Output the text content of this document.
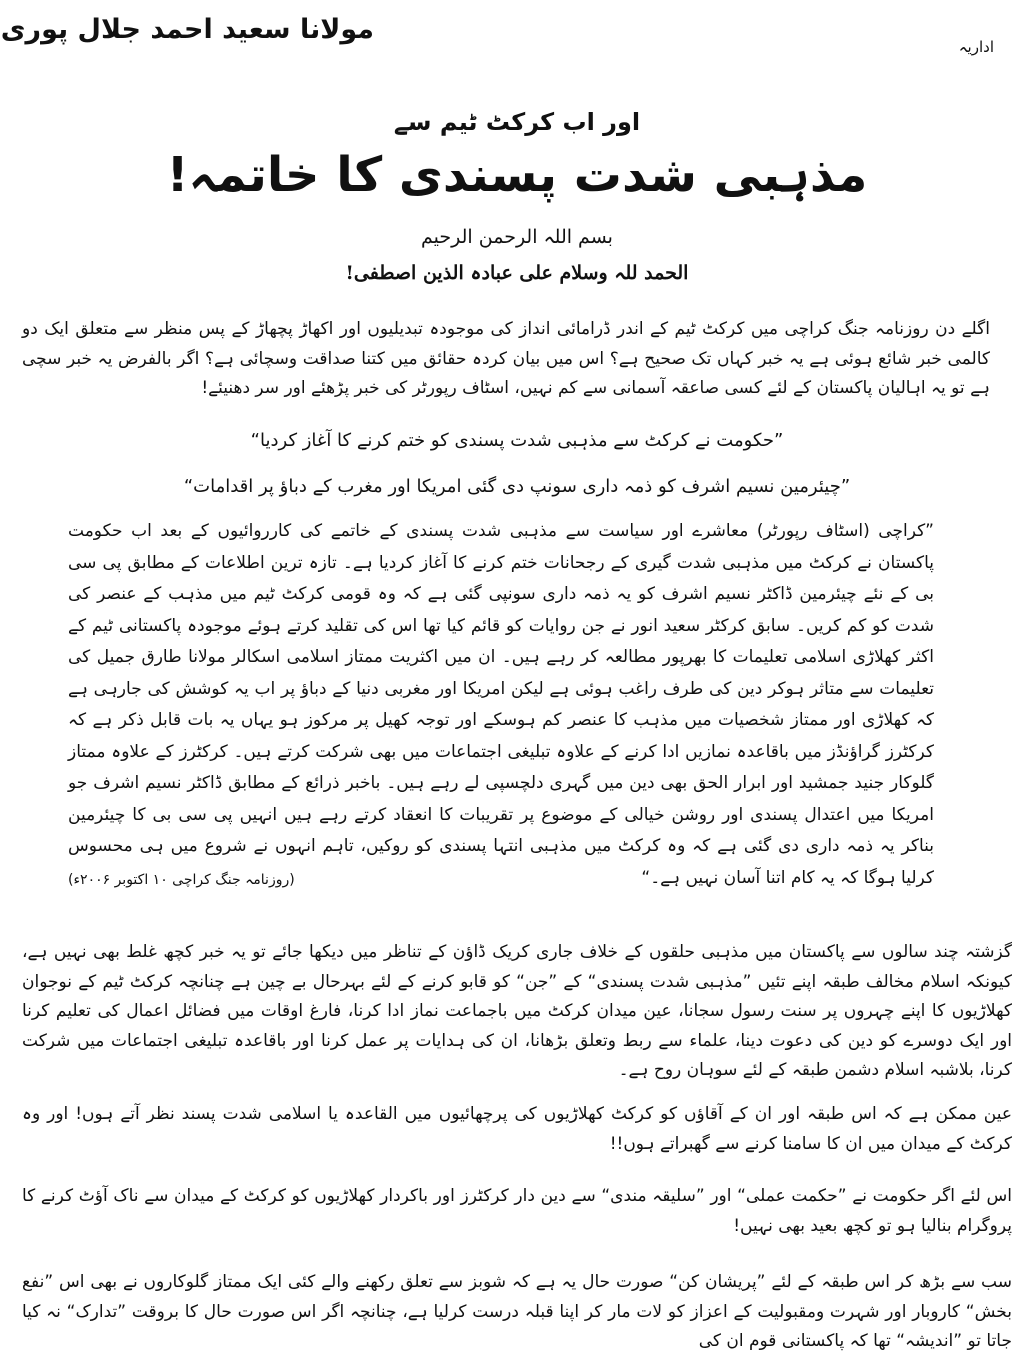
مولانا سعید احمد جلال پوری
اداریہ
اور اب کرکٹ ٹیم سے
مذہبی شدت پسندی کا خاتمہ!
بسم اللہ الرحمن الرحیم
الحمد للہ وسلام علی عبادہ الذین اصطفی!

اگلے دن روزنامہ جنگ کراچی میں کرکٹ ٹیم کے اندر ڈرامائی انداز کی موجودہ تبدیلیوں اور اکھاڑ پچھاڑ کے پس منظر سے متعلق ایک دو کالمی خبر شائع ہوئی ہے یہ خبر کہاں تک صحیح ہے؟ اس میں بیان کردہ حقائق میں کتنا صداقت وسچائی ہے؟ اگر بالفرض یہ خبر سچی ہے تو یہ اہالیان پاکستان کے لئے کسی صاعقہ آسمانی سے کم نہیں، اسٹاف رپورٹر کی خبر پڑھئے اور سر دھنیئے!

”حکومت نے کرکٹ سے مذہبی شدت پسندی کو ختم کرنے کا آغاز کردیا“
”چیئرمین نسیم اشرف کو ذمہ داری سونپ دی گئی امریکا اور مغرب کے دباؤ پر اقدامات“
”کراچی (اسٹاف رپورٹر) معاشرے اور سیاست سے مذہبی شدت پسندی کے خاتمے کی کارروائیوں کے بعد اب حکومت پاکستان نے کرکٹ میں مذہبی شدت گیری کے رجحانات ختم کرنے کا آغاز کردیا ہے۔ تازہ ترین اطلاعات کے مطابق پی سی بی کے نئے چیئرمین ڈاکٹر نسیم اشرف کو یہ ذمہ داری سونپی گئی ہے کہ وہ قومی کرکٹ ٹیم میں مذہب کے عنصر کی شدت کو کم کریں۔ سابق کرکٹر سعید انور نے جن روایات کو قائم کیا تھا اس کی تقلید کرتے ہوئے موجودہ پاکستانی ٹیم کے اکثر کھلاڑی اسلامی تعلیمات کا بھرپور مطالعہ کر رہے ہیں۔ ان میں اکثریت ممتاز اسلامی اسکالر مولانا طارق جمیل کی تعلیمات سے متاثر ہوکر دین کی طرف راغب ہوئی ہے لیکن امریکا اور مغربی دنیا کے دباؤ پر اب یہ کوشش کی جارہی ہے کہ کھلاڑی اور ممتاز شخصیات میں مذہب کا عنصر کم ہوسکے اور توجہ کھیل پر مرکوز ہو یہاں یہ بات قابل ذکر ہے کہ کرکٹرز گراؤنڈز میں باقاعدہ نمازیں ادا کرنے کے علاوہ تبلیغی اجتماعات میں بھی شرکت کرتے ہیں۔ کرکٹرز کے علاوہ ممتاز گلوکار جنید جمشید اور ابرار الحق بھی دین میں گہری دلچسپی لے رہے ہیں۔ باخبر ذرائع کے مطابق ڈاکٹر نسیم اشرف جو امریکا میں اعتدال پسندی اور روشن خیالی کے موضوع پر تقریبات کا انعقاد کرتے رہے ہیں انہیں پی سی بی کا چیئرمین بناکر یہ ذمہ داری دی گئی ہے کہ وہ کرکٹ میں مذہبی انتہا پسندی کو روکیں، تاہم انہوں نے شروع میں ہی محسوس کرلیا ہوگا کہ یہ کام اتنا آسان نہیں ہے۔“
(روزنامہ جنگ کراچی ۱۰ اکتوبر ۲۰۰۶ء)

گزشتہ چند سالوں سے پاکستان میں مذہبی حلقوں کے خلاف جاری کریک ڈاؤن کے تناظر میں دیکھا جائے تو یہ خبر کچھ غلط بھی نہیں ہے، کیونکہ اسلام مخالف طبقہ اپنے تئیں ”مذہبی شدت پسندی“ کے ”جن“ کو قابو کرنے کے لئے بہرحال بے چین ہے چنانچہ کرکٹ ٹیم کے نوجوان کھلاڑیوں کا اپنے چہروں پر سنت رسول سجانا، عین میدان کرکٹ میں باجماعت نماز ادا کرنا، فارغ اوقات میں فضائل اعمال کی تعلیم کرنا اور ایک دوسرے کو دین کی دعوت دینا، علماء سے ربط وتعلق بڑھانا، ان کی ہدایات پر عمل کرنا اور باقاعدہ تبلیغی اجتماعات میں شرکت کرنا، بلاشبہ اسلام دشمن طبقہ کے لئے سوہان روح ہے۔

عین ممکن ہے کہ اس طبقہ اور ان کے آقاؤں کو کرکٹ کھلاڑیوں کی پرچھائیوں میں القاعدہ یا اسلامی شدت پسند نظر آتے ہوں! اور وہ کرکٹ کے میدان میں ان کا سامنا کرنے سے گھبراتے ہوں!!

اس لئے اگر حکومت نے ”حکمت عملی“ اور ”سلیقہ مندی“ سے دین دار کرکٹرز اور باکردار کھلاڑیوں کو کرکٹ کے میدان سے ناک آؤٹ کرنے کا پروگرام بنالیا ہو تو کچھ بعید بھی نہیں!

سب سے بڑھ کر اس طبقہ کے لئے ”پریشان کن“ صورت حال یہ ہے کہ شوبز سے تعلق رکھنے والے کئی ایک ممتاز گلوکاروں نے بھی اس ”نفع بخش“ کاروبار اور شہرت ومقبولیت کے اعزاز کو لات مار کر اپنا قبلہ درست کرلیا ہے، چنانچہ اگر اس صورت حال کا بروقت ”تدارک“ نہ کیا جاتا تو ”اندیشہ“ تھا کہ پاکستانی قوم ان کی
